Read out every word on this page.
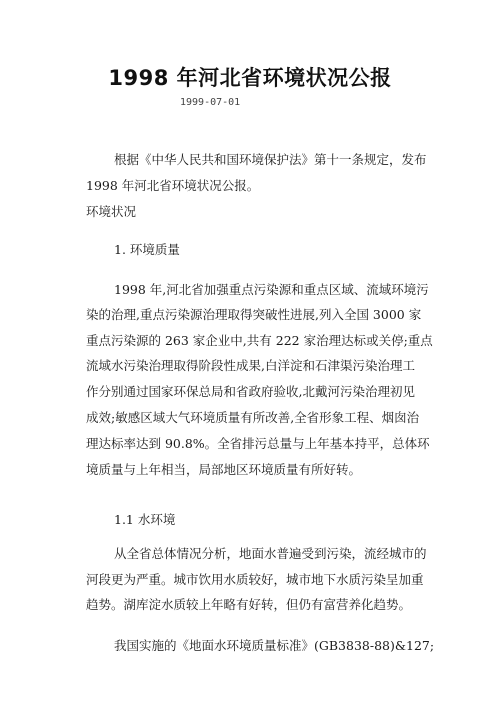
1998 年河北省环境状况公报
1999-07-01
根据《中华人民共和国环境保护法》第十一条规定，发布
1998 年河北省环境状况公报。
环境状况
1. 环境质量
1998 年,河北省加强重点污染源和重点区域、流域环境污
染的治理,重点污染源治理取得突破性进展,列入全国 3000 家
重点污染源的 263 家企业中,共有 222 家治理达标或关停;重点
流域水污染治理取得阶段性成果,白洋淀和石津渠污染治理工
作分别通过国家环保总局和省政府验收,北戴河污染治理初见
成效;敏感区域大气环境质量有所改善,全省形象工程、烟囱治
理达标率达到 90.8%。全省排污总量与上年基本持平，总体环
境质量与上年相当，局部地区环境质量有所好转。
1.1 水环境
从全省总体情况分析，地面水普遍受到污染，流经城市的
河段更为严重。城市饮用水质较好，城市地下水质污染呈加重
趋势。湖库淀水质较上年略有好转，但仍有富营养化趋势。
我国实施的《地面水环境质量标准》(GB3838-88)&127;
